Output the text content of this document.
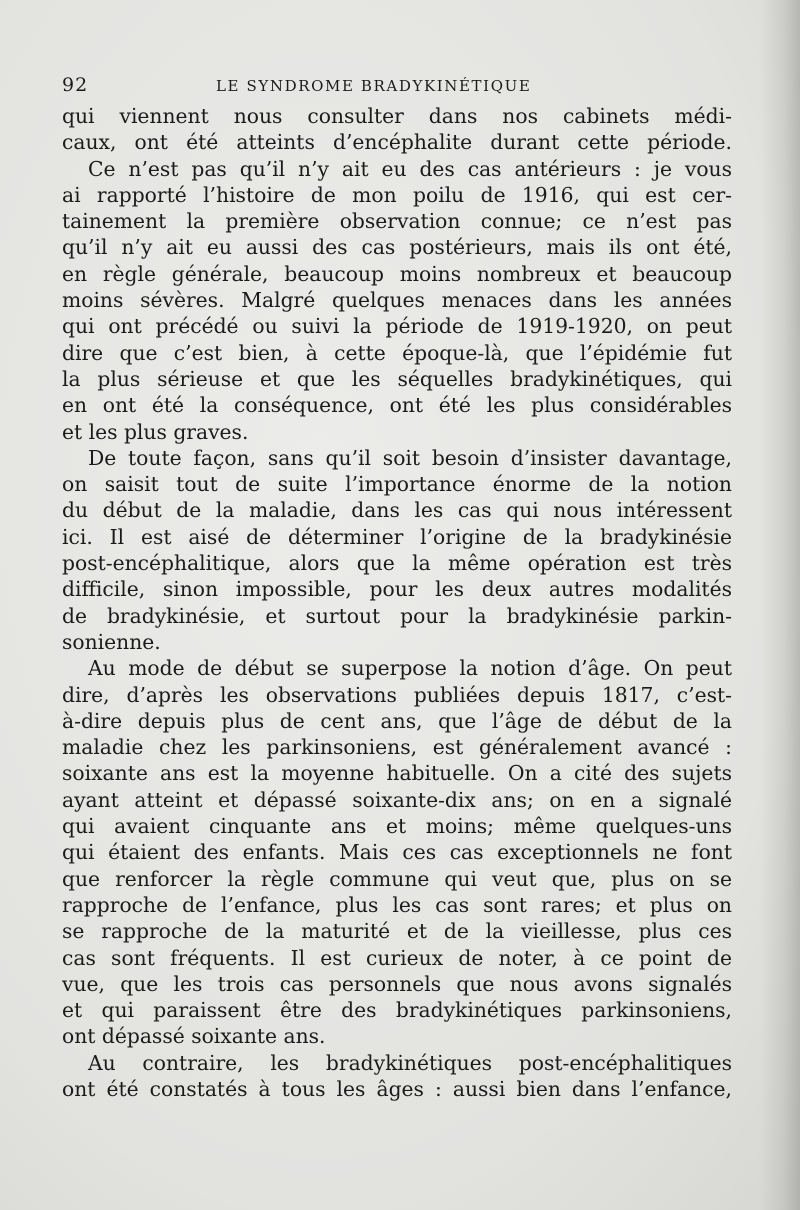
92	LE SYNDROME BRADYKINÉTIQUE
qui viennent nous consulter dans nos cabinets médi-
caux, ont été atteints d’encéphalite durant cette période.
Ce n’est pas qu’il n’y ait eu des cas antérieurs : je vous
ai rapporté l’histoire de mon poilu de 1916, qui est cer-
tainement la première observation connue; ce n’est pas
qu’il n’y ait eu aussi des cas postérieurs, mais ils ont été,
en règle générale, beaucoup moins nombreux et beaucoup
moins sévères. Malgré quelques menaces dans les années
qui ont précédé ou suivi la période de 1919-1920, on peut
dire que c’est bien, à cette époque-là, que l’épidémie fut
la plus sérieuse et que les séquelles bradykinétiques, qui
en ont été la conséquence, ont été les plus considérables
et les plus graves.
De toute façon, sans qu’il soit besoin d’insister davantage,
on saisit tout de suite l’importance énorme de la notion
du début de la maladie, dans les cas qui nous intéressent
ici. Il est aisé de déterminer l’origine de la bradykinésie
post-encéphalitique, alors que la même opération est très
difficile, sinon impossible, pour les deux autres modalités
de bradykinésie, et surtout pour la bradykinésie parkin-
sonienne.
Au mode de début se superpose la notion d’âge. On peut
dire, d’après les observations publiées depuis 1817, c’est-
à-dire depuis plus de cent ans, que l’âge de début de la
maladie chez les parkinsoniens, est généralement avancé :
soixante ans est la moyenne habituelle. On a cité des sujets
ayant atteint et dépassé soixante-dix ans; on en a signalé
qui avaient cinquante ans et moins; même quelques-uns
qui étaient des enfants. Mais ces cas exceptionnels ne font
que renforcer la règle commune qui veut que, plus on se
rapproche de l’enfance, plus les cas sont rares; et plus on
se rapproche de la maturité et de la vieillesse, plus ces
cas sont fréquents. Il est curieux de noter, à ce point de
vue, que les trois cas personnels que nous avons signalés
et qui paraissent être des bradykinétiques parkinsoniens,
ont dépassé soixante ans.
Au contraire, les bradykinétiques post-encéphalitiques
ont été constatés à tous les âges : aussi bien dans l’enfance,
